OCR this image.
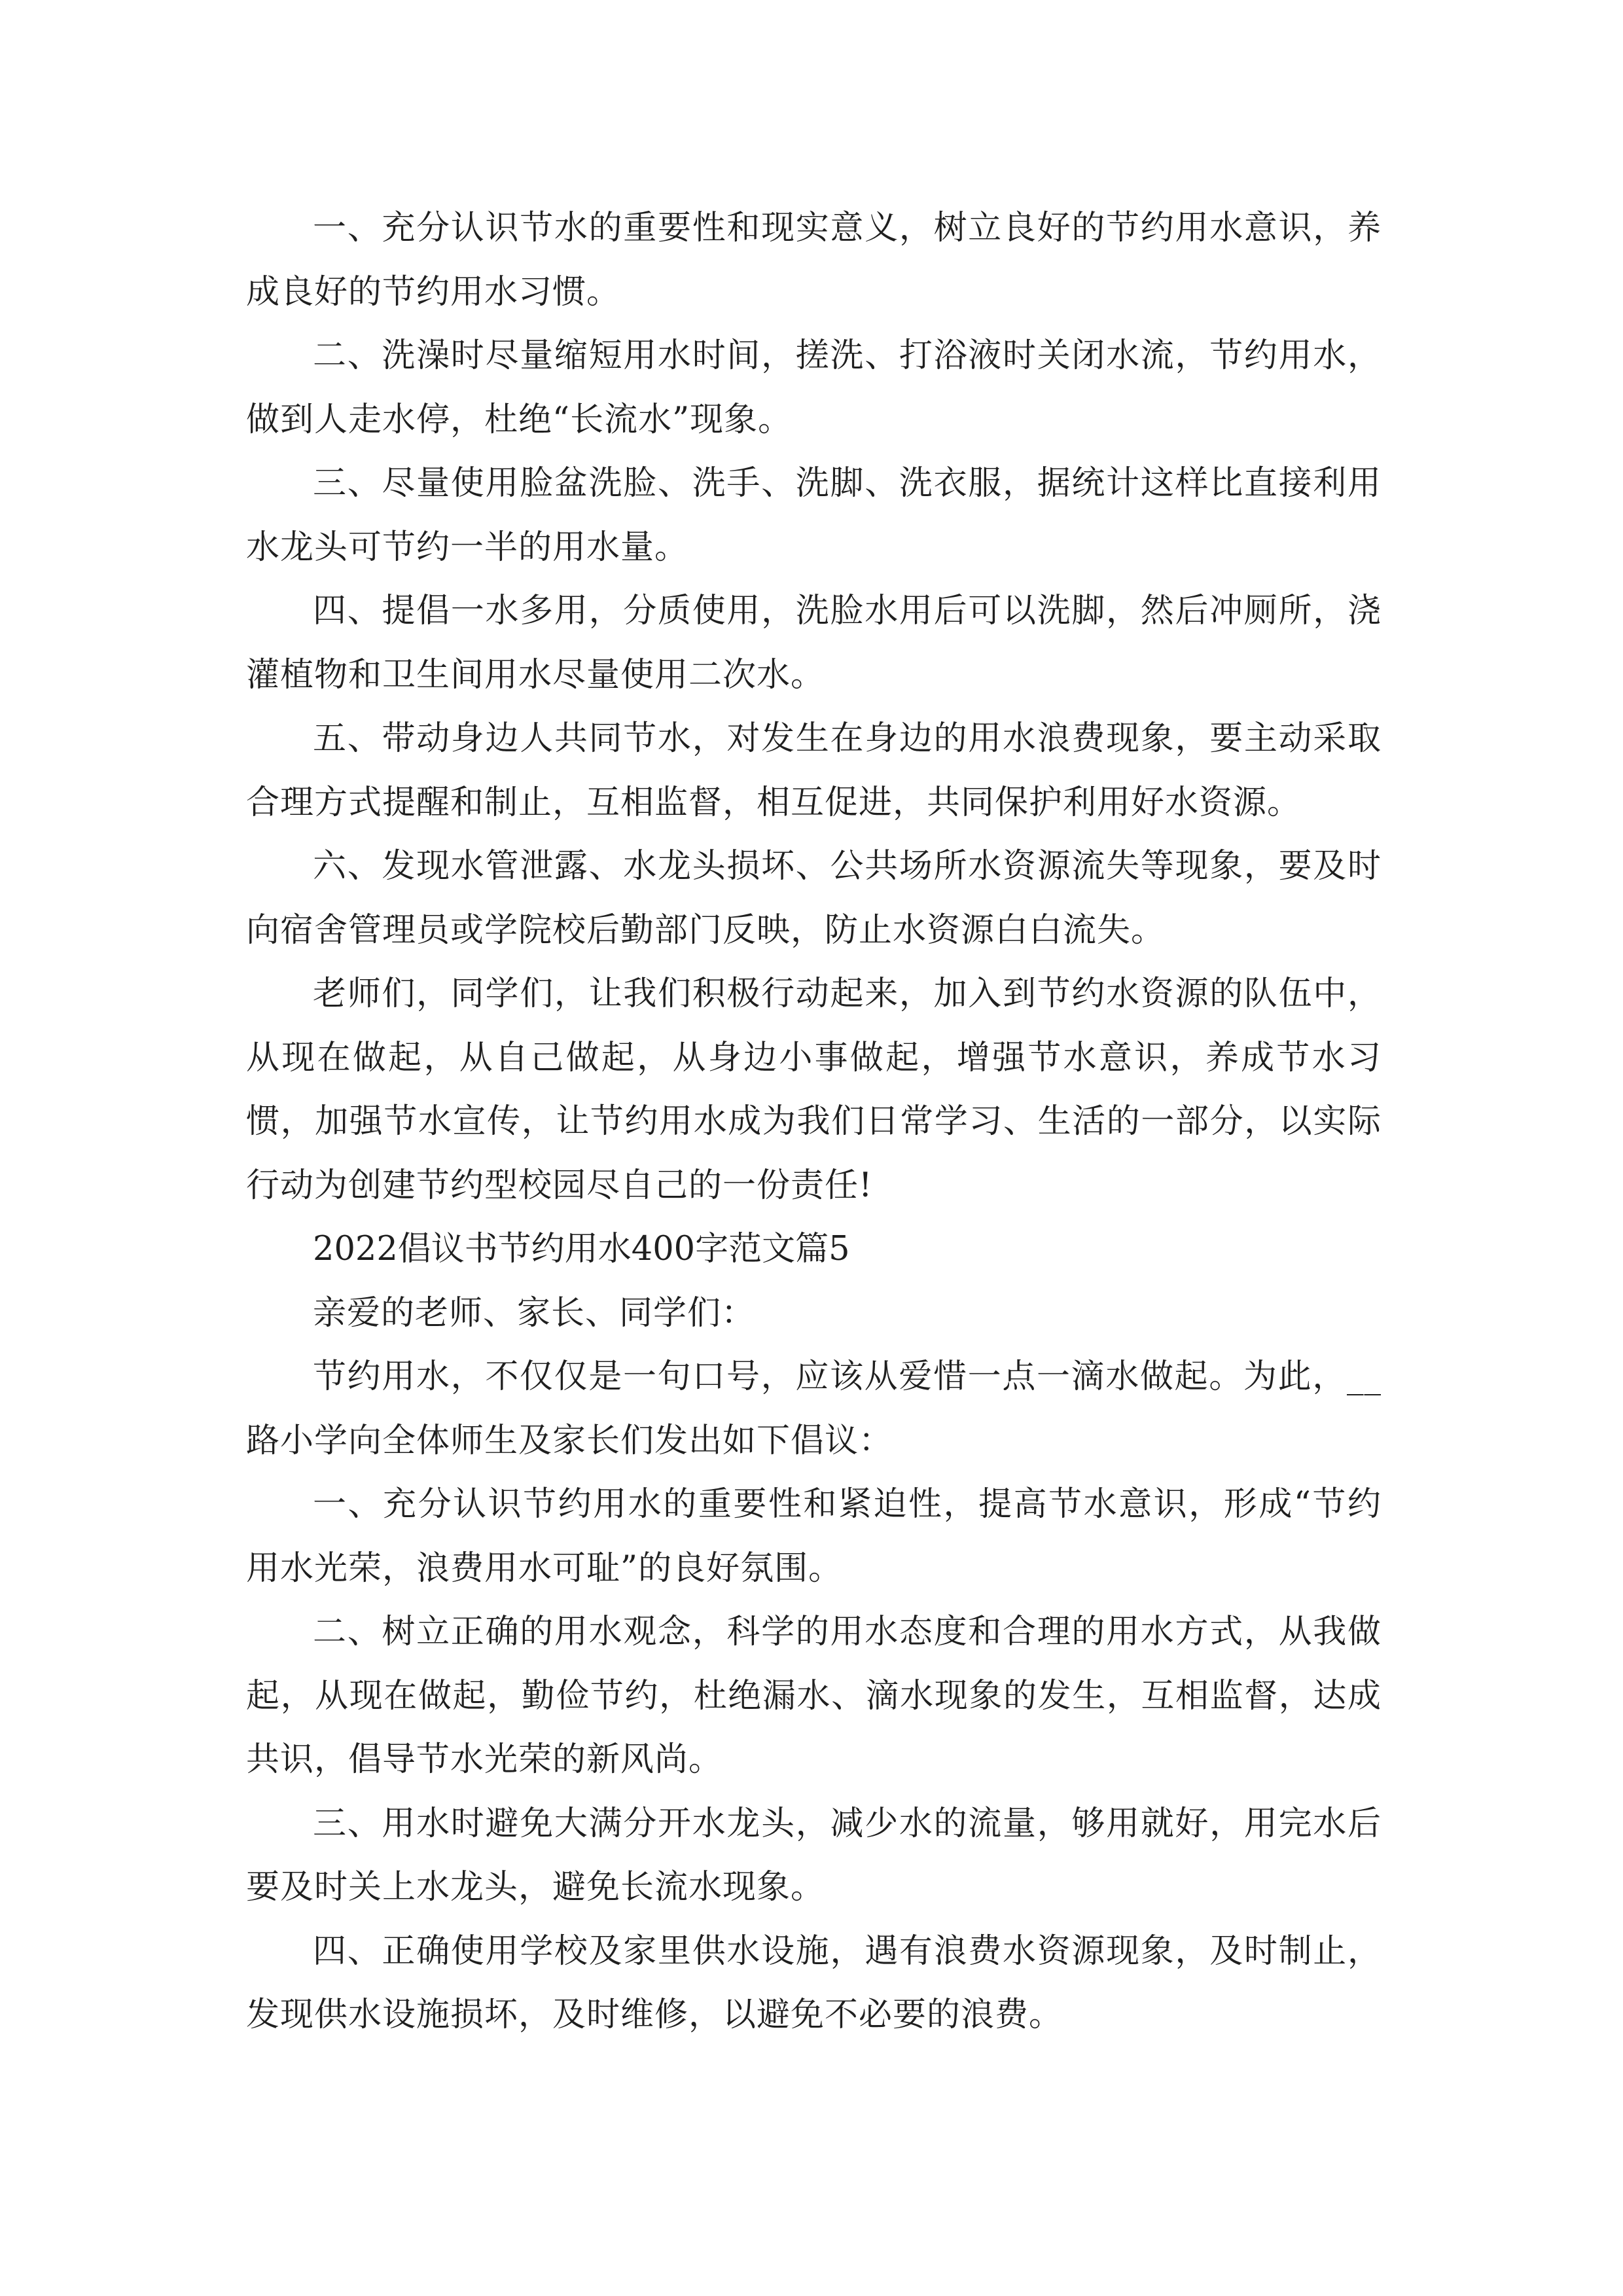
一、充分认识节水的重要性和现实意义，树立良好的节约用水意识，养成良好的节约用水习惯。

二、洗澡时尽量缩短用水时间，搓洗、打浴液时关闭水流，节约用水，做到人走水停，杜绝“长流水”现象。

三、尽量使用脸盆洗脸、洗手、洗脚、洗衣服，据统计这样比直接利用水龙头可节约一半的用水量。

四、提倡一水多用，分质使用，洗脸水用后可以洗脚，然后冲厕所，浇灌植物和卫生间用水尽量使用二次水。

五、带动身边人共同节水，对发生在身边的用水浪费现象，要主动采取合理方式提醒和制止，互相监督，相互促进，共同保护利用好水资源。

六、发现水管泄露、水龙头损坏、公共场所水资源流失等现象，要及时向宿舍管理员或学院校后勤部门反映，防止水资源白白流失。

老师们，同学们，让我们积极行动起来，加入到节约水资源的队伍中，从现在做起，从自己做起，从身边小事做起，增强节水意识，养成节水习惯，加强节水宣传，让节约用水成为我们日常学习、生活的一部分，以实际行动为创建节约型校园尽自己的一份责任!

2022倡议书节约用水400字范文篇5

亲爱的老师、家长、同学们：

节约用水，不仅仅是一句口号，应该从爱惜一点一滴水做起。为此，__路小学向全体师生及家长们发出如下倡议：

一、充分认识节约用水的重要性和紧迫性，提高节水意识，形成“节约用水光荣，浪费用水可耻”的良好氛围。

二、树立正确的用水观念，科学的用水态度和合理的用水方式，从我做起，从现在做起，勤俭节约，杜绝漏水、滴水现象的发生，互相监督，达成共识，倡导节水光荣的新风尚。

三、用水时避免大满分开水龙头，减少水的流量，够用就好，用完水后要及时关上水龙头，避免长流水现象。

四、正确使用学校及家里供水设施，遇有浪费水资源现象，及时制止，发现供水设施损坏，及时维修，以避免不必要的浪费。
